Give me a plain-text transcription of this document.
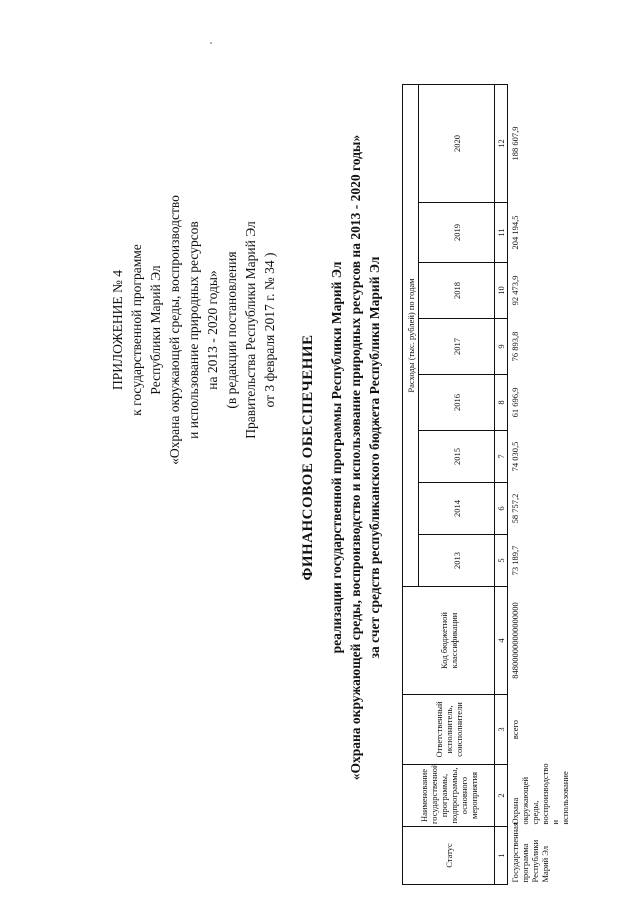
ПРИЛОЖЕНИЕ № 4 к государственной программе Республики Марий Эл «Охрана окружающей среды, воспроизводство и использование природных ресурсов на 2013 - 2020 годы» (в редакции постановления Правительства Республики Марий Эл от 3 февраля 2017 г. № 34 )
ФИНАНСОВОЕ ОБЕСПЕЧЕНИЕ реализации государственной программы Республики Марий Эл «Охрана окружающей среды, воспроизводство и использование природных ресурсов на 2013 - 2020 годы» за счет средств республиканского бюджета Республики Марий Эл
Статус	Наименование государственной программы, подпрограммы, основного мероприятия	Ответственный исполнитель, соисполнители	Код бюджетной классификации	Расходы (тыс. рублей) по годам							
				2013	2014	2015	2016	2017	2018	2019	2020
1	2	3	4	5	6	7	8	9	10	11	12
Государственная программа Республики Марий Эл	Охрана окружающей среды, воспроизводство и использование	всего	848000000000000000	73 189,7	58 757,2	74 030,5	61 696,9	76 893,8	92 473,9	204 194,5	188 607,9
